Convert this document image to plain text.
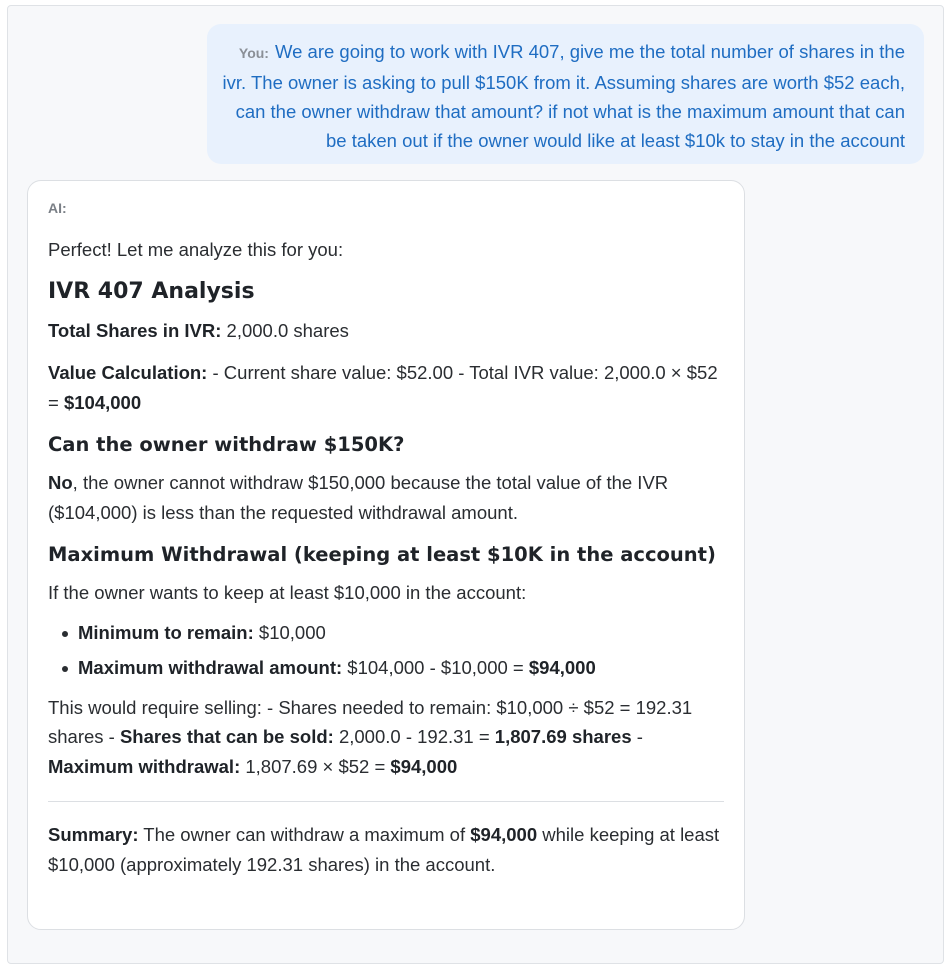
You: We are going to work with IVR 407, give me the total number of shares in the ivr. The owner is asking to pull $150K from it. Assuming shares are worth $52 each, can the owner withdraw that amount? if not what is the maximum amount that can be taken out if the owner would like at least $10k to stay in the account
AI:

Perfect! Let me analyze this for you:

IVR 407 Analysis

Total Shares in IVR: 2,000.0 shares

Value Calculation: - Current share value: $52.00 - Total IVR value: 2,000.0 × $52 = $104,000

Can the owner withdraw $150K?

No, the owner cannot withdraw $150,000 because the total value of the IVR ($104,000) is less than the requested withdrawal amount.

Maximum Withdrawal (keeping at least $10K in the account)

If the owner wants to keep at least $10,000 in the account:

Minimum to remain: $10,000
Maximum withdrawal amount: $104,000 - $10,000 = $94,000

This would require selling: - Shares needed to remain: $10,000 ÷ $52 = 192.31 shares - Shares that can be sold: 2,000.0 - 192.31 = 1,807.69 shares - Maximum withdrawal: 1,807.69 × $52 = $94,000

Summary: The owner can withdraw a maximum of $94,000 while keeping at least $10,000 (approximately 192.31 shares) in the account.
